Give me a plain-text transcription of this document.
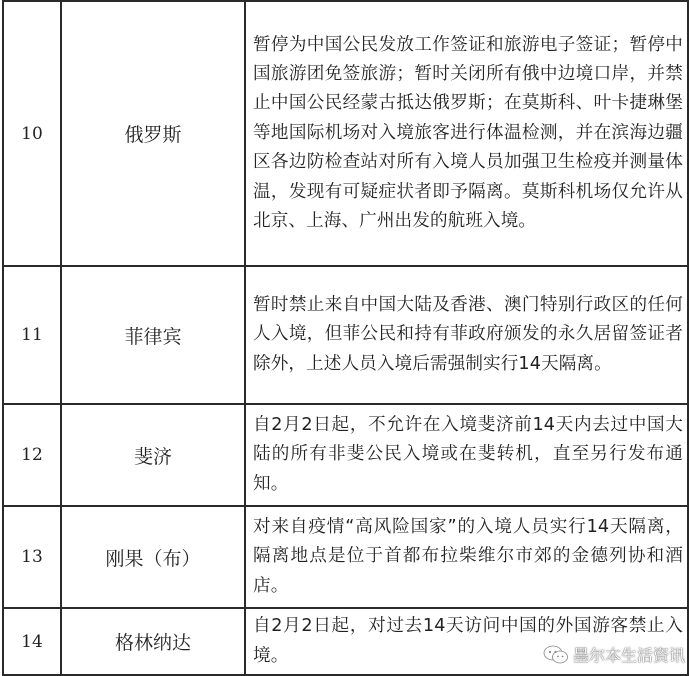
10	俄罗斯	暂停为中国公民发放工作签证和旅游电子签证；暂停中国旅游团免签旅游；暂时关闭所有俄中边境口岸，并禁止中国公民经蒙古抵达俄罗斯；在莫斯科、叶卡捷琳堡等地国际机场对入境旅客进行体温检测，并在滨海边疆区各边防检查站对所有入境人员加强卫生检疫并测量体温，发现有可疑症状者即予隔离。莫斯科机场仅允许从北京、上海、广州出发的航班入境。
11	菲律宾	暂时禁止来自中国大陆及香港、澳门特别行政区的任何人入境，但菲公民和持有菲政府颁发的永久居留签证者除外，上述人员入境后需强制实行14天隔离。
12	斐济	自2月2日起，不允许在入境斐济前14天内去过中国大陆的所有非斐公民入境或在斐转机，直至另行发布通知。
13	刚果（布）	对来自疫情“高风险国家”的入境人员实行14天隔离，隔离地点是位于首都布拉柴维尔市郊的金德列协和酒店。
14	格林纳达	自2月2日起，对过去14天访问中国的外国游客禁止入境。	墨尔本生活资讯
